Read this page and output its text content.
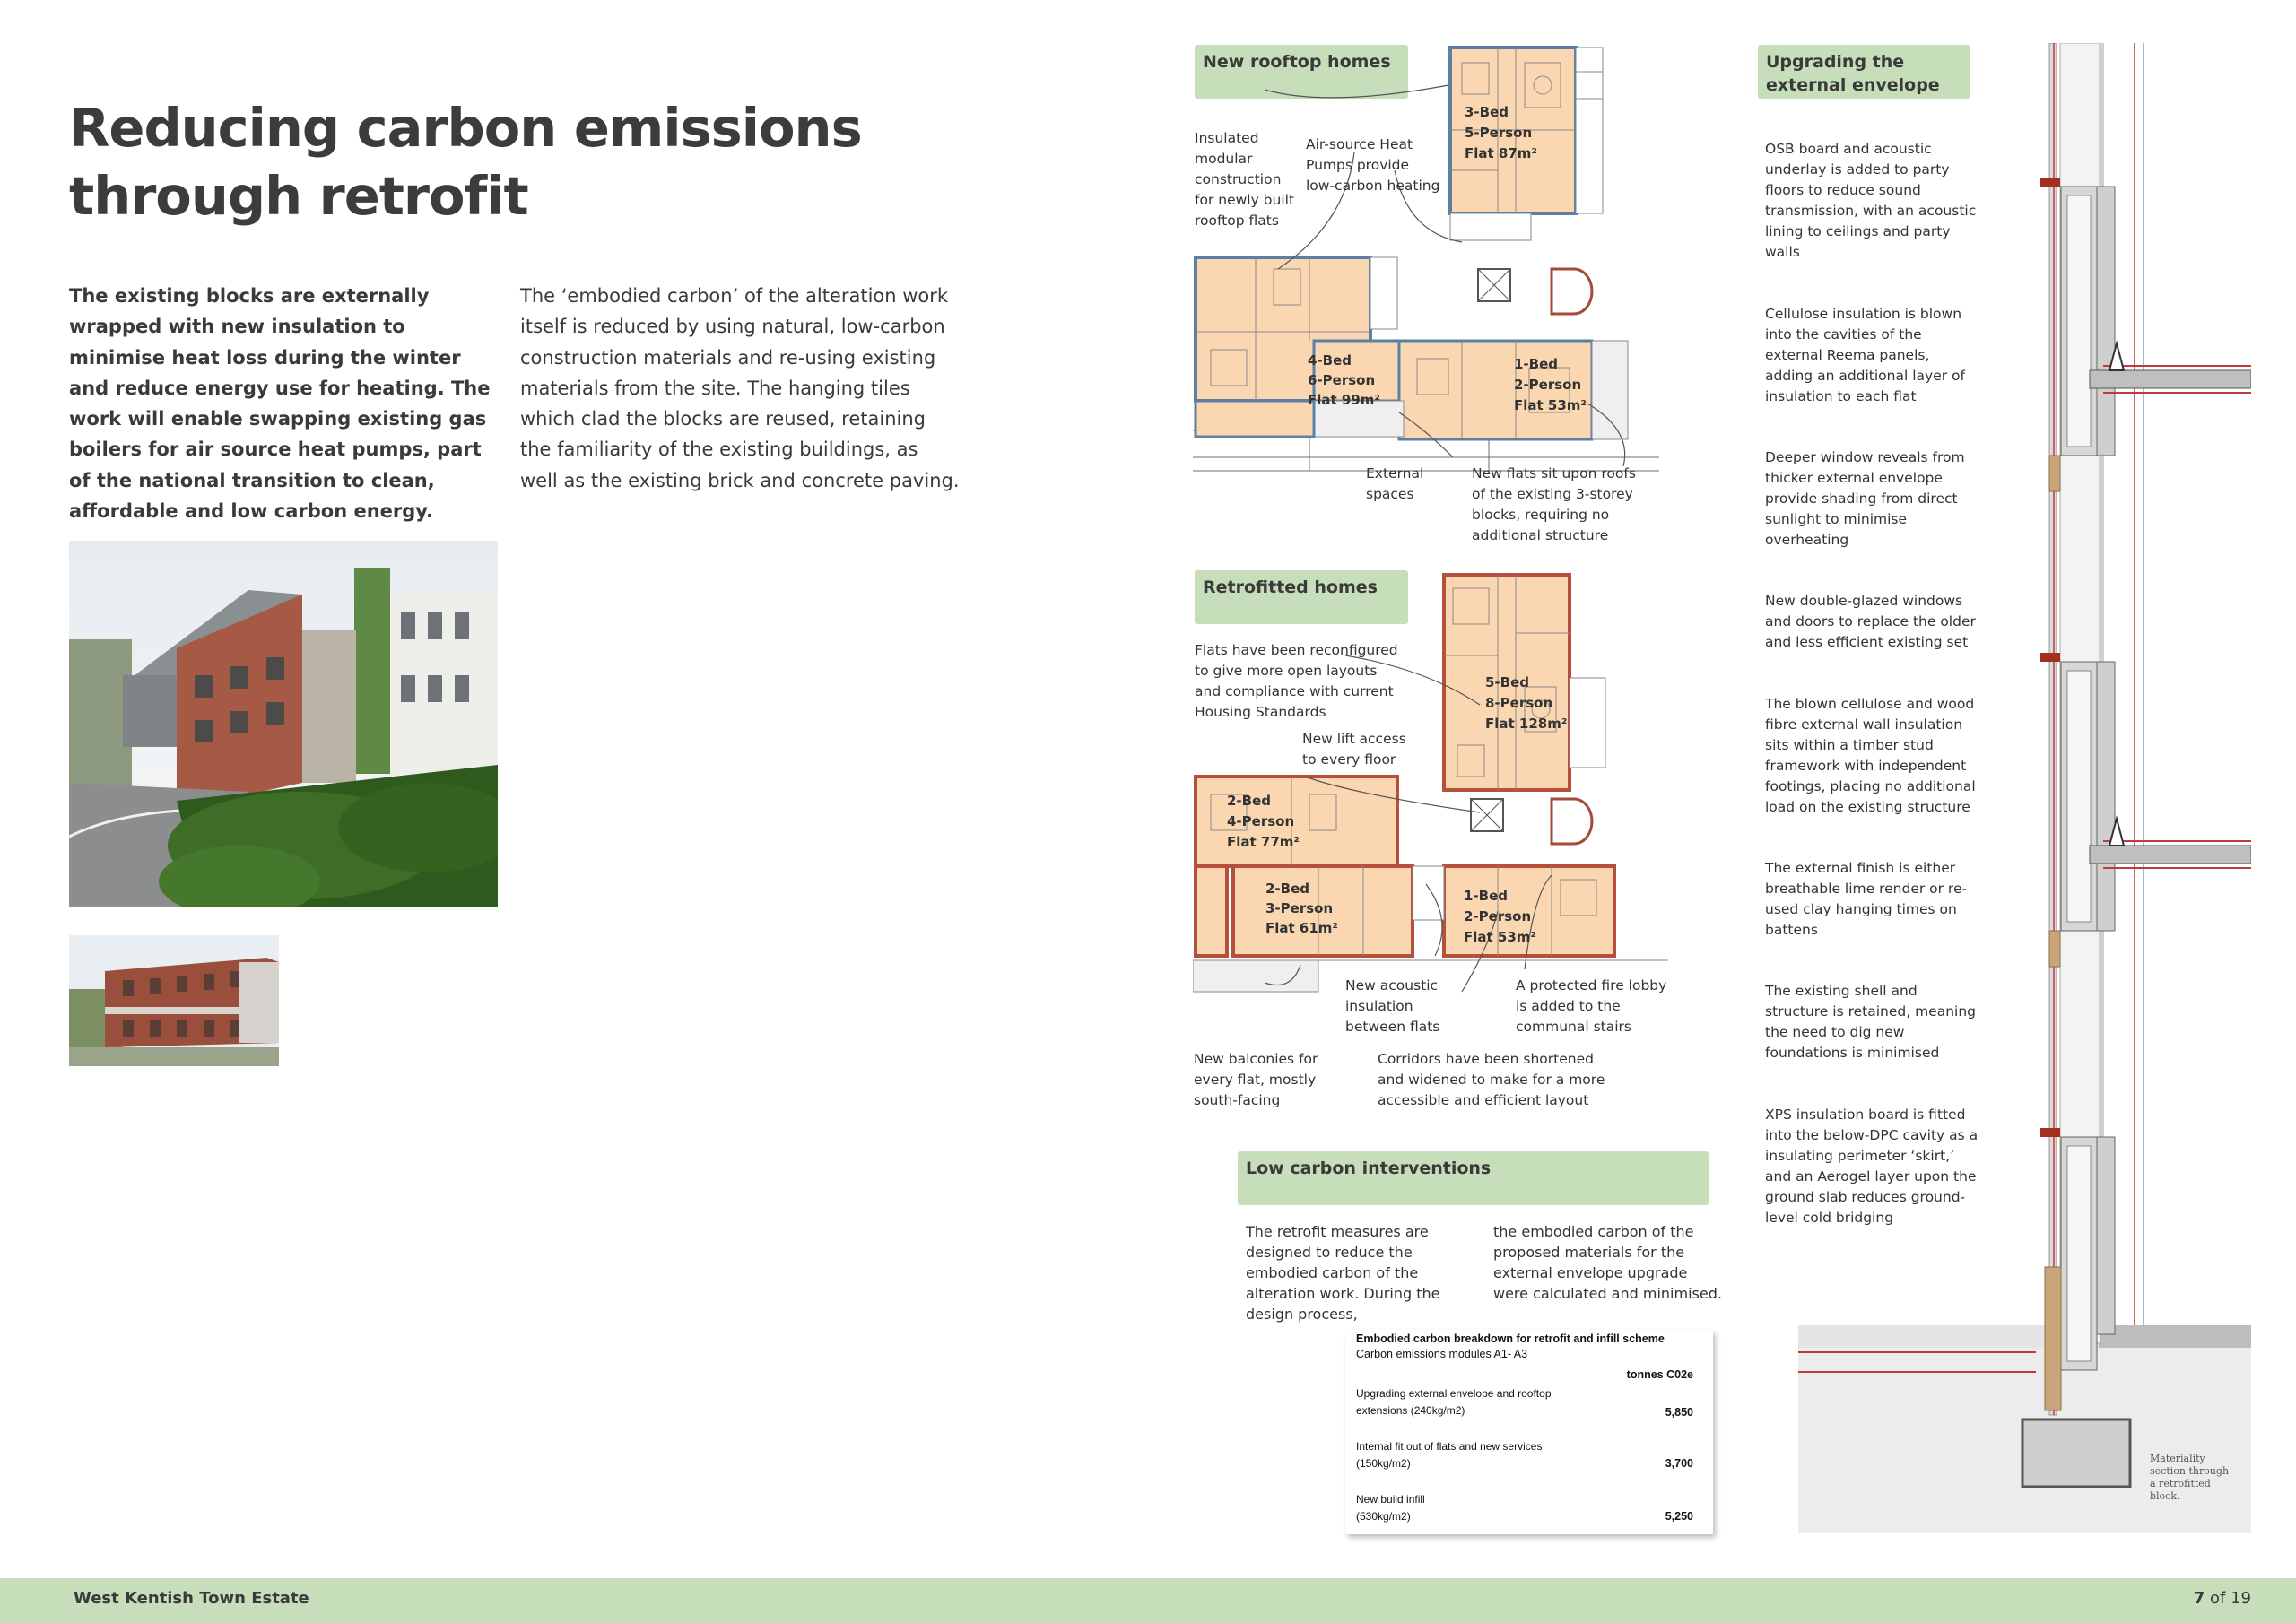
Reducing carbon emissions
through retrofit

The existing blocks are externally wrapped with new insulation to minimise heat loss during the winter and reduce energy use for heating. The work will enable swapping existing gas boilers for air source heat pumps, part of the national transition to clean, affordable and low carbon energy.

The ‘embodied carbon’ of the alteration work itself is reduced by using natural, low-carbon construction materials and re-using existing materials from the site. The hanging tiles which clad the blocks are reused, retaining the familiarity of the existing buildings, as well as the existing brick and concrete paving.

New rooftop homes
3-Bed
5-Person
Flat 87m²
4-Bed
6-Person
Flat 99m²
1-Bed
2-Person
Flat 53m²

Insulated modular construction for newly built rooftop flats

Air-source Heat Pumps provide low-carbon heating

External spaces

New flats sit upon roofs of the existing 3-storey blocks, requiring no additional structure

Retrofitted homes
5-Bed
8-Person
Flat 128m²
2-Bed
4-Person
Flat 77m²
2-Bed
3-Person
Flat 61m²
1-Bed
2-Person
Flat 53m²

Flats have been reconfigured to give more open layouts and compliance with current Housing Standards

New lift access to every floor

New acoustic insulation between flats

A protected fire lobby is added to the communal stairs

New balconies for every flat, mostly south-facing

Corridors have been shortened and widened to make for a more accessible and efficient layout

Low carbon interventions

The retrofit measures are designed to reduce the embodied carbon of the alteration work. During the design process,

the embodied carbon of the proposed materials for the external envelope upgrade were calculated and minimised.

Embodied carbon breakdown for retrofit and infill scheme
Carbon emissions modules A1- A3
tonnes C02e
Upgrading external envelope and rooftop
extensions (240kg/m2)	5,850
Internal fit out of flats and new services
(150kg/m2)	3,700
New build infill
(530kg/m2)	5,250
Upgrading the external envelope

OSB board and acoustic underlay is added to party floors to reduce sound transmission, with an acoustic lining to ceilings and party walls

Cellulose insulation is blown into the cavities of the external Reema panels, adding an additional layer of insulation to each flat

Deeper window reveals from thicker external envelope provide shading from direct sunlight to minimise overheating

New double-glazed windows and doors to replace the older and less efficient existing set

The blown cellulose and wood fibre external wall insulation sits within a timber stud framework with independent footings, placing no additional load on the existing structure

The external finish is either breathable lime render or re-used clay hanging times on battens

The existing shell and structure is retained, meaning the need to dig new foundations is minimised

XPS insulation board is fitted into the below-DPC cavity as a insulating perimeter ‘skirt,’ and an Aerogel layer upon the ground slab reduces ground-level cold bridging

Materiality section through a retrofitted block.

West Kentish Town Estate	7 of 19
